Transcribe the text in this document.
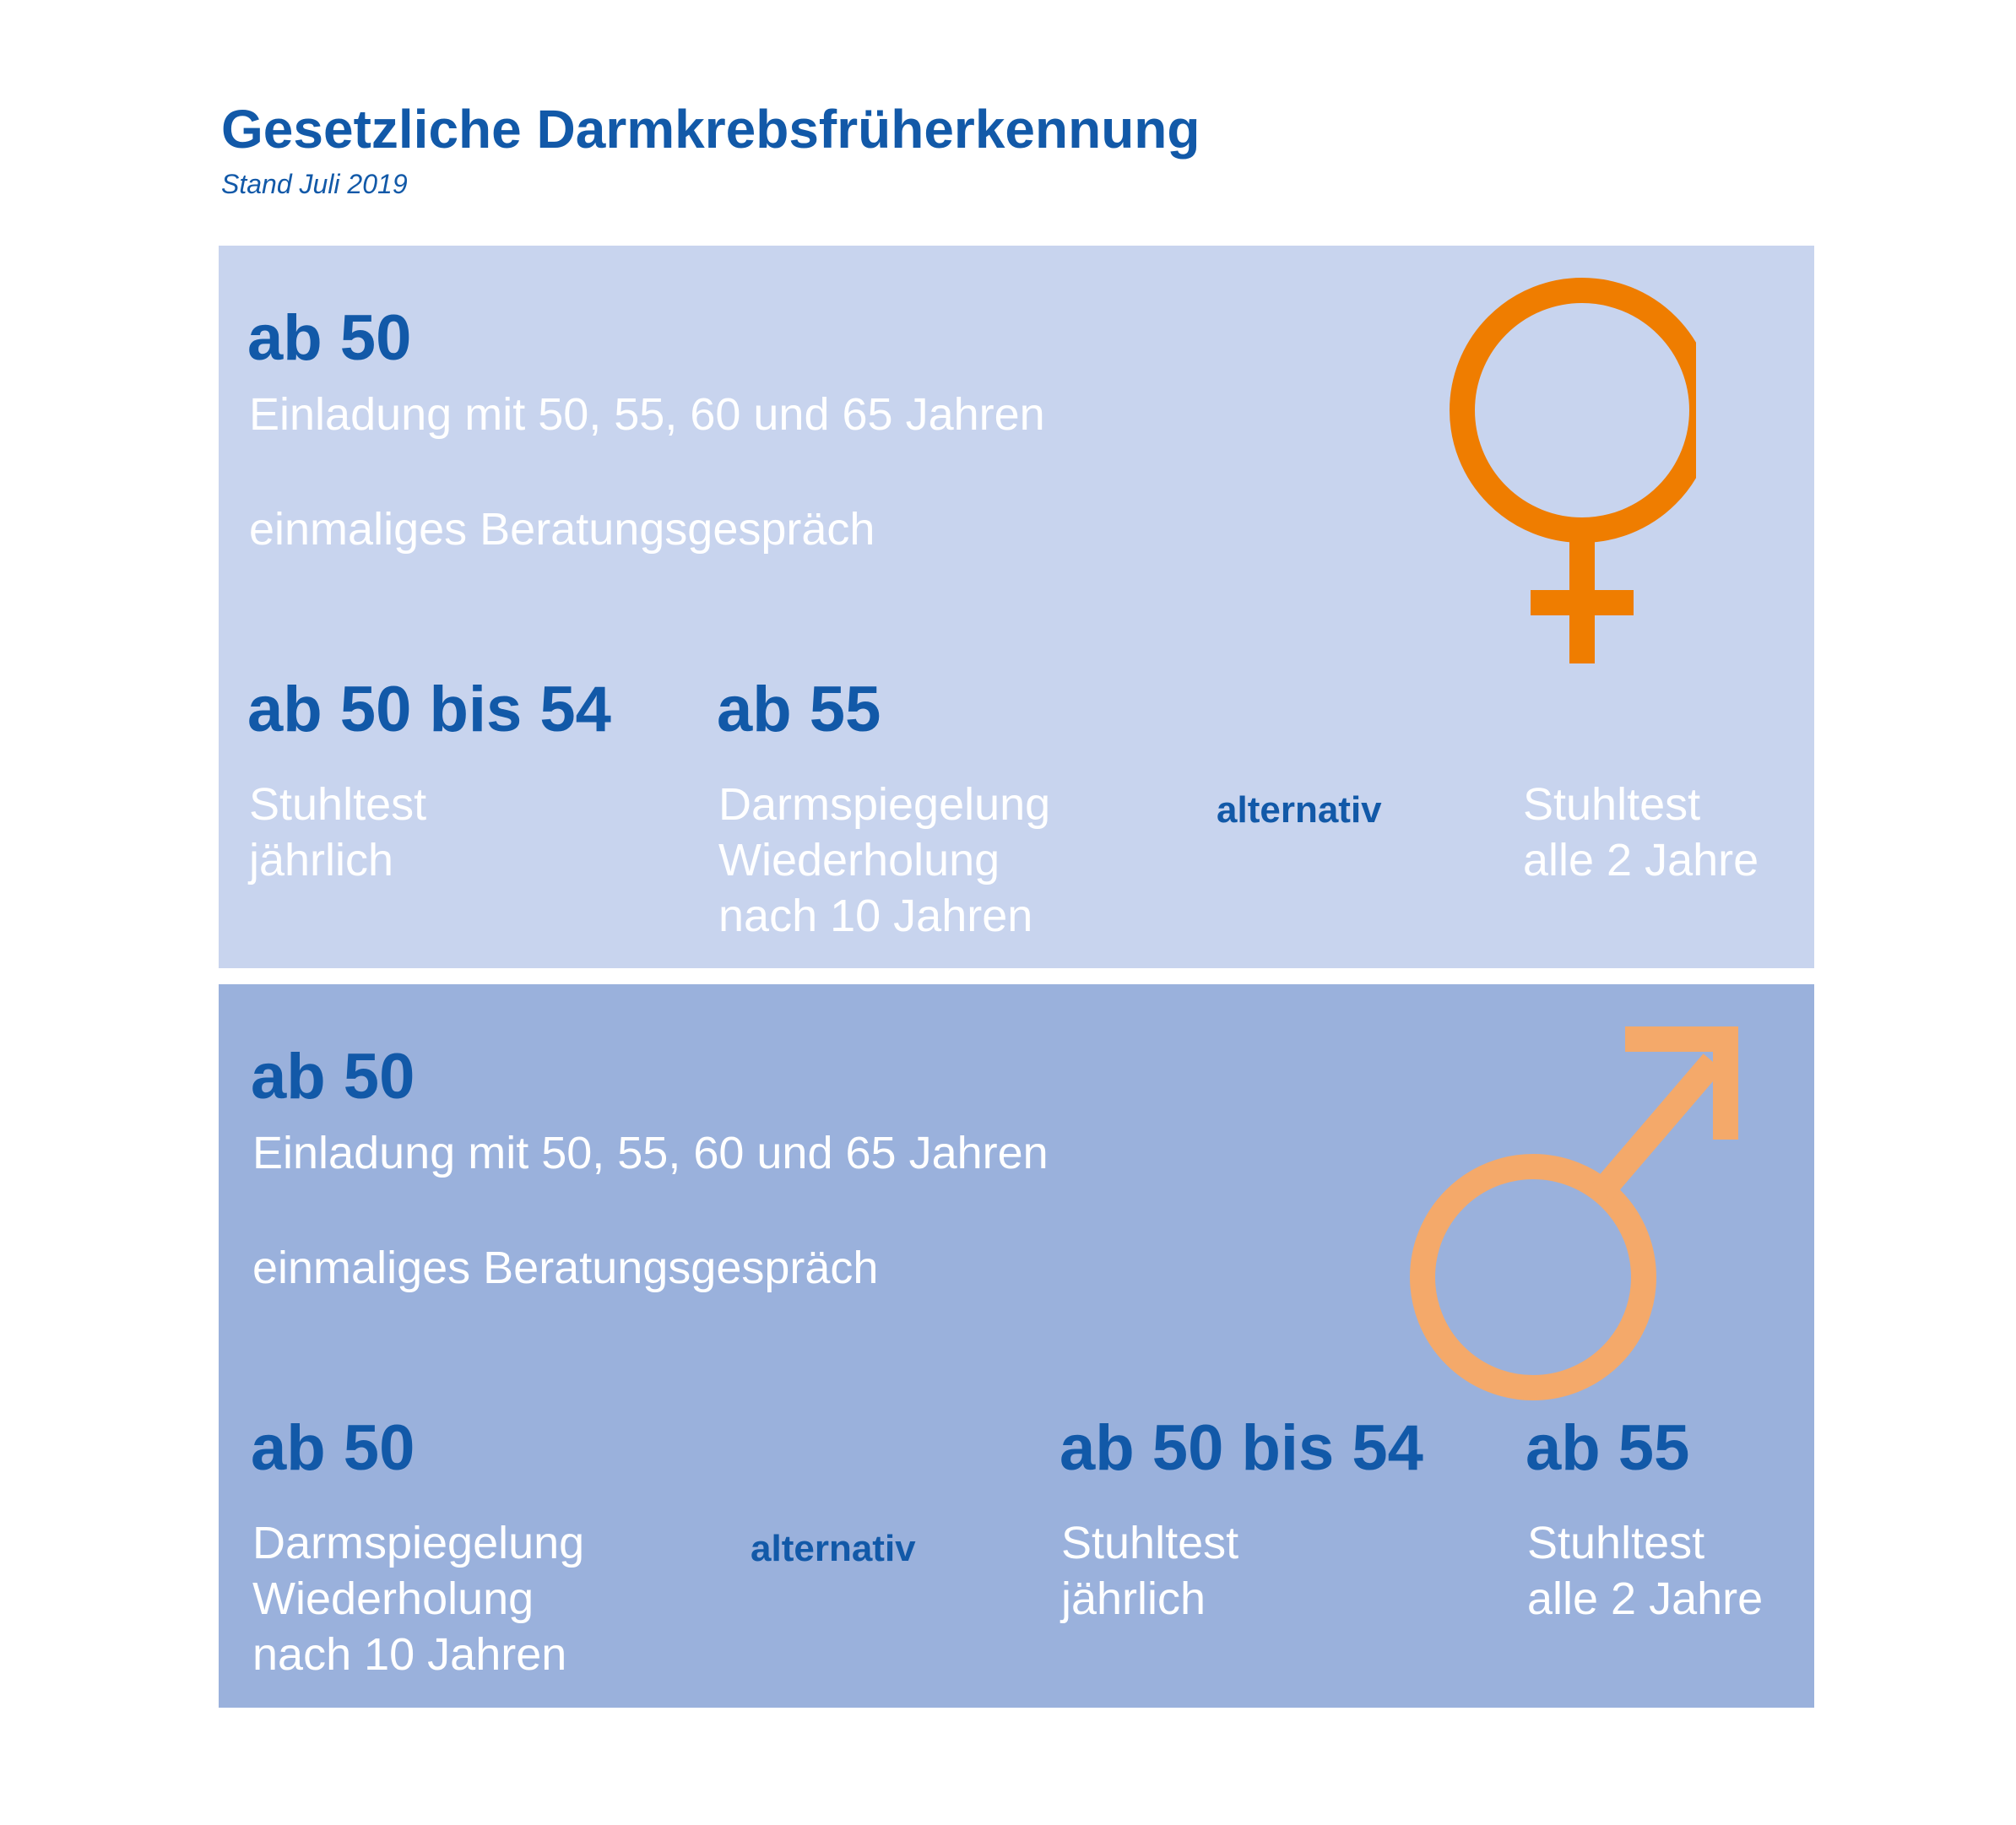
Gesetzliche Darmkrebsfrüherkennung
Stand Juli 2019
ab 50
Einladung mit 50, 55, 60 und 65 Jahren
einmaliges Beratungsgespräch
ab 50 bis 54
Stuhltest
jährlich
ab 55
Darmspiegelung
Wiederholung
nach 10 Jahren
alternativ	Stuhltest
alle 2 Jahre
ab 50
Einladung mit 50, 55, 60 und 65 Jahren
einmaliges Beratungsgespräch
ab 50
Darmspiegelung
Wiederholung
nach 10 Jahren
alternativ
ab 50 bis 54
Stuhltest
jährlich
ab 55
Stuhltest
alle 2 Jahre
